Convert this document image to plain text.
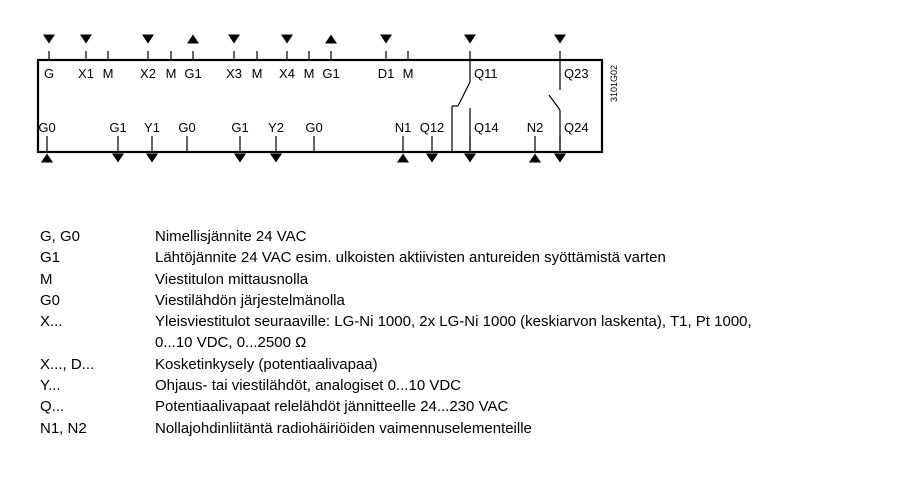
G X1 M X2 M G1 X3 M X4 M G1	D1 M	Q11	Q23
G0	G1 Y1 G0	G1 Y2 G0	N1 Q12 Q14 N2 Q24
3101G02
G, G0	Nimellisjännite 24 VAC
G1	Lähtöjännite 24 VAC esim. ulkoisten aktiivisten antureiden syöttämistä varten
M	Viestitulon mittausnolla
G0	Viestilähdön järjestelmänolla
X...	Yleisviestitulot seuraaville: LG-Ni 1000, 2x LG-Ni 1000 (keskiarvon laskenta), T1, Pt 1000,
0...10 VDC, 0...2500 Ω
X..., D...	Kosketinkysely (potentiaalivapaa)
Y...	Ohjaus- tai viestilähdöt, analogiset 0...10 VDC
Q...	Potentiaalivapaat relelähdöt jännitteelle 24...230 VAC
N1, N2	Nollajohdinliitäntä radiohäiriöiden vaimennuselementeille
